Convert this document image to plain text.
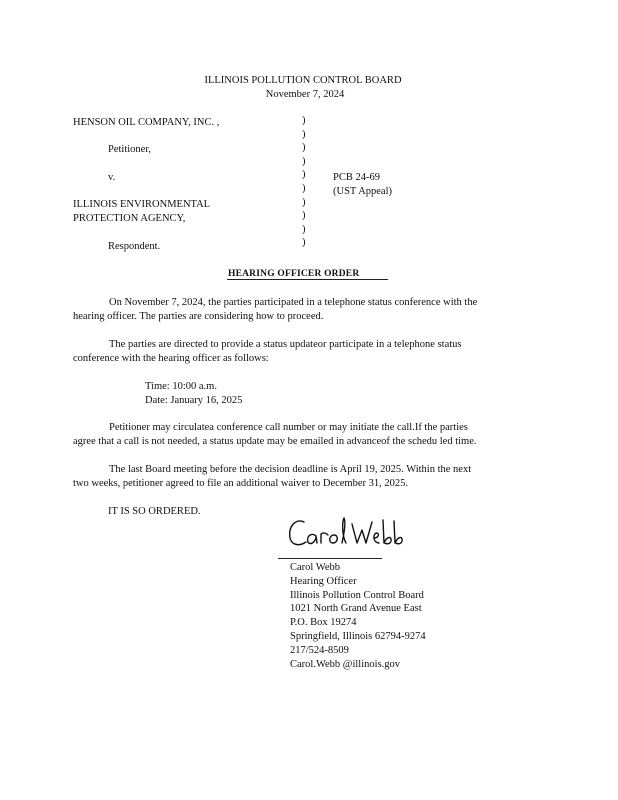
ILLINOIS POLLUTION CONTROL BOARD
November 7, 2024
HENSON OIL COMPANY, INC. ,
Petitioner,
v.
ILLINOIS ENVIRONMENTAL
PROTECTION AGENCY,
Respondent.
)
)
)
)
)
)
)
)
)
)
PCB 24-69
(UST Appeal)
HEARING OFFICER ORDER
On November 7, 2024, the parties participated in a telephone status conference with the
hearing officer. The parties are considering how to proceed.
The parties are directed to provide a status updateor participate in a telephone status
conference with the hearing officer as follows:
Time: 10:00 a.m.
Date: January 16, 2025
Petitioner may circulatea conference call number or may initiate the call.If the parties
agree that a call is not needed, a status update may be emailed in advanceof the schedu led time.
The last Board meeting before the decision deadline is April 19, 2025. Within the next
two weeks, petitioner agreed to file an additional waiver to December 31, 2025.
IT IS SO ORDERED.
Carol Webb
Hearing Officer
Illinois Pollution Control Board
1021 North Grand Avenue East
P.O. Box 19274
Springfield, Illinois 62794-9274
217/524-8509
Carol.Webb @illinois.gov
